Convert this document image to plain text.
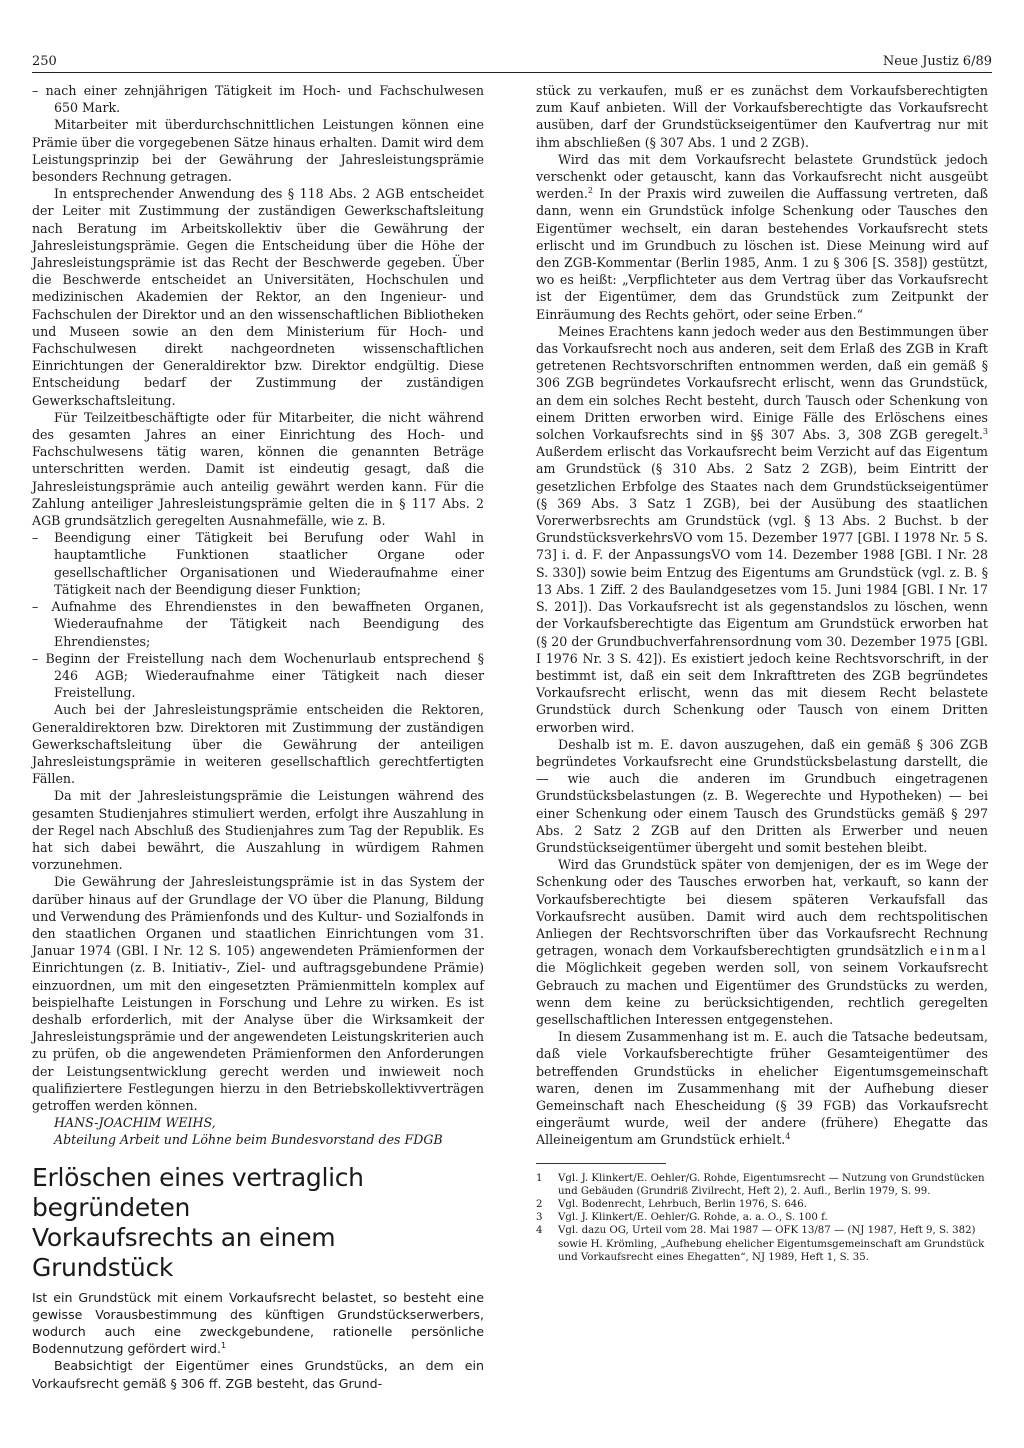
250	Neue Justiz 6/89

– nach einer zehnjährigen Tätigkeit im Hoch- und Fachschulwesen 650 Mark.

Mitarbeiter mit überdurchschnittlichen Leistungen können eine Prämie über die vorgegebenen Sätze hinaus erhalten. Damit wird dem Leistungsprinzip bei der Gewährung der Jahresleistungsprämie besonders Rechnung getragen.

In entsprechender Anwendung des § 118 Abs. 2 AGB entscheidet der Leiter mit Zustimmung der zuständigen Gewerkschaftsleitung nach Beratung im Arbeitskollektiv über die Gewährung der Jahresleistungsprämie. Gegen die Entscheidung über die Höhe der Jahresleistungsprämie ist das Recht der Beschwerde gegeben. Über die Beschwerde entscheidet an Universitäten, Hochschulen und medizinischen Akademien der Rektor, an den Ingenieur- und Fachschulen der Direktor und an den wissenschaftlichen Bibliotheken und Museen sowie an den dem Ministerium für Hoch- und Fachschulwesen direkt nachgeordneten wissenschaftlichen Einrichtungen der Generaldirektor bzw. Direktor endgültig. Diese Entscheidung bedarf der Zustimmung der zuständigen Gewerkschaftsleitung.

Für Teilzeitbeschäftigte oder für Mitarbeiter, die nicht während des gesamten Jahres an einer Einrichtung des Hoch- und Fachschulwesens tätig waren, können die genannten Beträge unterschritten werden. Damit ist eindeutig gesagt, daß die Jahresleistungsprämie auch anteilig gewährt werden kann. Für die Zahlung anteiliger Jahresleistungsprämie gelten die in § 117 Abs. 2 AGB grundsätzlich geregelten Ausnahmefälle, wie z. B.

– Beendigung einer Tätigkeit bei Berufung oder Wahl in hauptamtliche Funktionen staatlicher Organe oder gesellschaftlicher Organisationen und Wiederaufnahme einer Tätigkeit nach der Beendigung dieser Funktion;

– Aufnahme des Ehrendienstes in den bewaffneten Organen, Wiederaufnahme der Tätigkeit nach Beendigung des Ehrendienstes;

– Beginn der Freistellung nach dem Wochenurlaub entsprechend § 246 AGB; Wiederaufnahme einer Tätigkeit nach dieser Freistellung.

Auch bei der Jahresleistungsprämie entscheiden die Rektoren, Generaldirektoren bzw. Direktoren mit Zustimmung der zuständigen Gewerkschaftsleitung über die Gewährung der anteiligen Jahresleistungsprämie in weiteren gesellschaftlich gerechtfertigten Fällen.

Da mit der Jahresleistungsprämie die Leistungen während des gesamten Studienjahres stimuliert werden, erfolgt ihre Auszahlung in der Regel nach Abschluß des Studienjahres zum Tag der Republik. Es hat sich dabei bewährt, die Auszahlung in würdigem Rahmen vorzunehmen.

Die Gewährung der Jahresleistungsprämie ist in das System der darüber hinaus auf der Grundlage der VO über die Planung, Bildung und Verwendung des Prämienfonds und des Kultur- und Sozialfonds in den staatlichen Organen und staatlichen Einrichtungen vom 31. Januar 1974 (GBl. I Nr. 12 S. 105) angewendeten Prämienformen der Einrichtungen (z. B. Initiativ-, Ziel- und auftragsgebundene Prämie) einzuordnen, um mit den eingesetzten Prämienmitteln komplex auf beispielhafte Leistungen in Forschung und Lehre zu wirken. Es ist deshalb erforderlich, mit der Analyse über die Wirksamkeit der Jahresleistungsprämie und der angewendeten Leistungskriterien auch zu prüfen, ob die angewendeten Prämienformen den Anforderungen der Leistungsentwicklung gerecht werden und inwieweit noch qualifiziertere Festlegungen hierzu in den Betriebskollektivverträgen getroffen werden können.

HANS-JOACHIM WEIHS,
Abteilung Arbeit und Löhne beim Bundesvorstand des FDGB
Erlöschen eines vertraglich begründeten
Vorkaufsrechts an einem Grundstück

Ist ein Grundstück mit einem Vorkaufsrecht belastet, so besteht eine gewisse Vorausbestimmung des künftigen Grundstückserwerbers, wodurch auch eine zweckgebundene, rationelle persönliche Bodennutzung gefördert wird.$^1$

Beabsichtigt der Eigentümer eines Grundstücks, an dem ein Vorkaufsrecht gemäß § 306 ff. ZGB besteht, das Grund-

stück zu verkaufen, muß er es zunächst dem Vorkaufsberechtigten zum Kauf anbieten. Will der Vorkaufsberechtigte das Vorkaufsrecht ausüben, darf der Grundstückseigentümer den Kaufvertrag nur mit ihm abschließen (§ 307 Abs. 1 und 2 ZGB).

Wird das mit dem Vorkaufsrecht belastete Grundstück jedoch verschenkt oder getauscht, kann das Vorkaufsrecht nicht ausgeübt werden.$^2$ In der Praxis wird zuweilen die Auffassung vertreten, daß dann, wenn ein Grundstück infolge Schenkung oder Tausches den Eigentümer wechselt, ein daran bestehendes Vorkaufsrecht stets erlischt und im Grundbuch zu löschen ist. Diese Meinung wird auf den ZGB-Kommentar (Berlin 1985, Anm. 1 zu § 306 [S. 358]) gestützt, wo es heißt: „Verpflichteter aus dem Vertrag über das Vorkaufsrecht ist der Eigentümer, dem das Grundstück zum Zeitpunkt der Einräumung des Rechts gehört, oder seine Erben.“

Meines Erachtens kann jedoch weder aus den Bestimmungen über das Vorkaufsrecht noch aus anderen, seit dem Erlaß des ZGB in Kraft getretenen Rechtsvorschriften entnommen werden, daß ein gemäß § 306 ZGB begründetes Vorkaufsrecht erlischt, wenn das Grundstück, an dem ein solches Recht besteht, durch Tausch oder Schenkung von einem Dritten erworben wird. Einige Fälle des Erlöschens eines solchen Vorkaufsrechts sind in §§ 307 Abs. 3, 308 ZGB geregelt.$^3$ Außerdem erlischt das Vorkaufsrecht beim Verzicht auf das Eigentum am Grundstück (§ 310 Abs. 2 Satz 2 ZGB), beim Eintritt der gesetzlichen Erbfolge des Staates nach dem Grundstückseigentümer (§ 369 Abs. 3 Satz 1 ZGB), bei der Ausübung des staatlichen Vorerwerbsrechts am Grundstück (vgl. § 13 Abs. 2 Buchst. b der GrundstücksverkehrsVO vom 15. Dezember 1977 [GBl. I 1978 Nr. 5 S. 73] i. d. F. der AnpassungsVO vom 14. Dezember 1988 [GBl. I Nr. 28 S. 330]) sowie beim Entzug des Eigentums am Grundstück (vgl. z. B. § 13 Abs. 1 Ziff. 2 des Baulandgesetzes vom 15. Juni 1984 [GBl. I Nr. 17 S. 201]). Das Vorkaufsrecht ist als gegenstandslos zu löschen, wenn der Vorkaufsberechtigte das Eigentum am Grundstück erworben hat (§ 20 der Grundbuchverfahrensordnung vom 30. Dezember 1975 [GBl. I 1976 Nr. 3 S. 42]). Es existiert jedoch keine Rechtsvorschrift, in der bestimmt ist, daß ein seit dem Inkrafttreten des ZGB begründetes Vorkaufsrecht erlischt, wenn das mit diesem Recht belastete Grundstück durch Schenkung oder Tausch von einem Dritten erworben wird.

Deshalb ist m. E. davon auszugehen, daß ein gemäß § 306 ZGB begründetes Vorkaufsrecht eine Grundstücksbelastung darstellt, die — wie auch die anderen im Grundbuch eingetragenen Grundstücksbelastungen (z. B. Wegerechte und Hypotheken) — bei einer Schenkung oder einem Tausch des Grundstücks gemäß § 297 Abs. 2 Satz 2 ZGB auf den Dritten als Erwerber und neuen Grundstückseigentümer übergeht und somit bestehen bleibt.

Wird das Grundstück später von demjenigen, der es im Wege der Schenkung oder des Tausches erworben hat, verkauft, so kann der Vorkaufsberechtigte bei diesem späteren Verkaufsfall das Vorkaufsrecht ausüben. Damit wird auch dem rechtspolitischen Anliegen der Rechtsvorschriften über das Vorkaufsrecht Rechnung getragen, wonach dem Vorkaufsberechtigten grundsätzlich einmal die Möglichkeit gegeben werden soll, von seinem Vorkaufsrecht Gebrauch zu machen und Eigentümer des Grundstücks zu werden, wenn dem keine zu berücksichtigenden, rechtlich geregelten gesellschaftlichen Interessen entgegenstehen.

In diesem Zusammenhang ist m. E. auch die Tatsache bedeutsam, daß viele Vorkaufsberechtigte früher Gesamteigentümer des betreffenden Grundstücks in ehelicher Eigentumsgemeinschaft waren, denen im Zusammenhang mit der Aufhebung dieser Gemeinschaft nach Ehescheidung (§ 39 FGB) das Vorkaufsrecht eingeräumt wurde, weil der andere (frühere) Ehegatte das Alleineigentum am Grundstück erhielt.$^4$

1	Vgl. J. Klinkert/E. Oehler/G. Rohde, Eigentumsrecht — Nutzung von Grundstücken und Gebäuden (Grundriß Zivilrecht, Heft 2), 2. Aufl., Berlin 1979, S. 99.
2	Vgl. Bodenrecht, Lehrbuch, Berlin 1976, S. 646.
3	Vgl. J. Klinkert/E. Oehler/G. Rohde, a. a. O., S. 100 f.
4	Vgl. dazu OG, Urteil vom 28. Mai 1987 — OFK 13/87 — (NJ 1987, Heft 9, S. 382) sowie H. Krömling, „Aufhebung ehelicher Eigentumsgemeinschaft am Grundstück und Vorkaufsrecht eines Ehegatten“, NJ 1989, Heft 1, S. 35.
